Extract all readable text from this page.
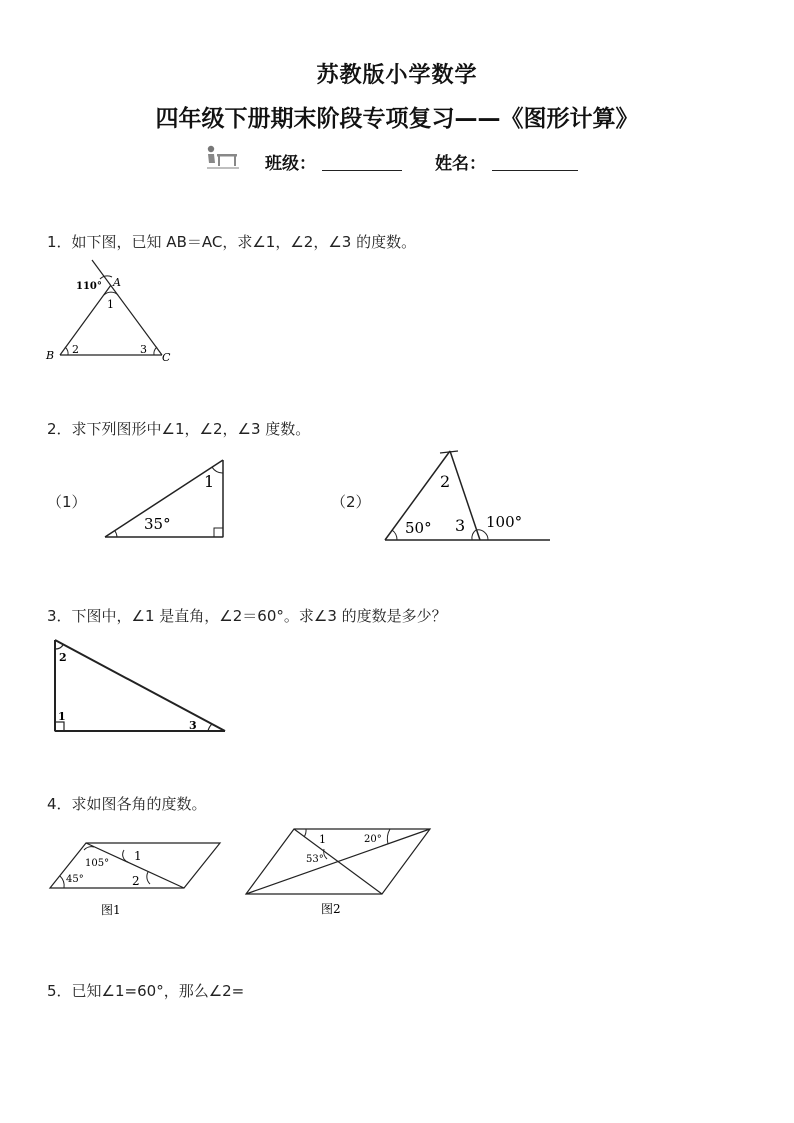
苏教版小学数学
四年级下册期末阶段专项复习——《图形计算》
班级：	姓名：
1．如下图，已知 AB＝AC，求∠1，∠2，∠3 的度数。
110° A
1
B 2	3
C
2．求下列图形中∠1，∠2，∠3 度数。
（1）
1
35°
（2）
2
50° 3 100°
3．下图中，∠1 是直角，∠2＝60°。求∠3 的度数是多少？
2
1
3
4．求如图各角的度数。
105°
45°
1
2
图1
1	20°
53°
图2
5．已知∠1=60°，那么∠2=
